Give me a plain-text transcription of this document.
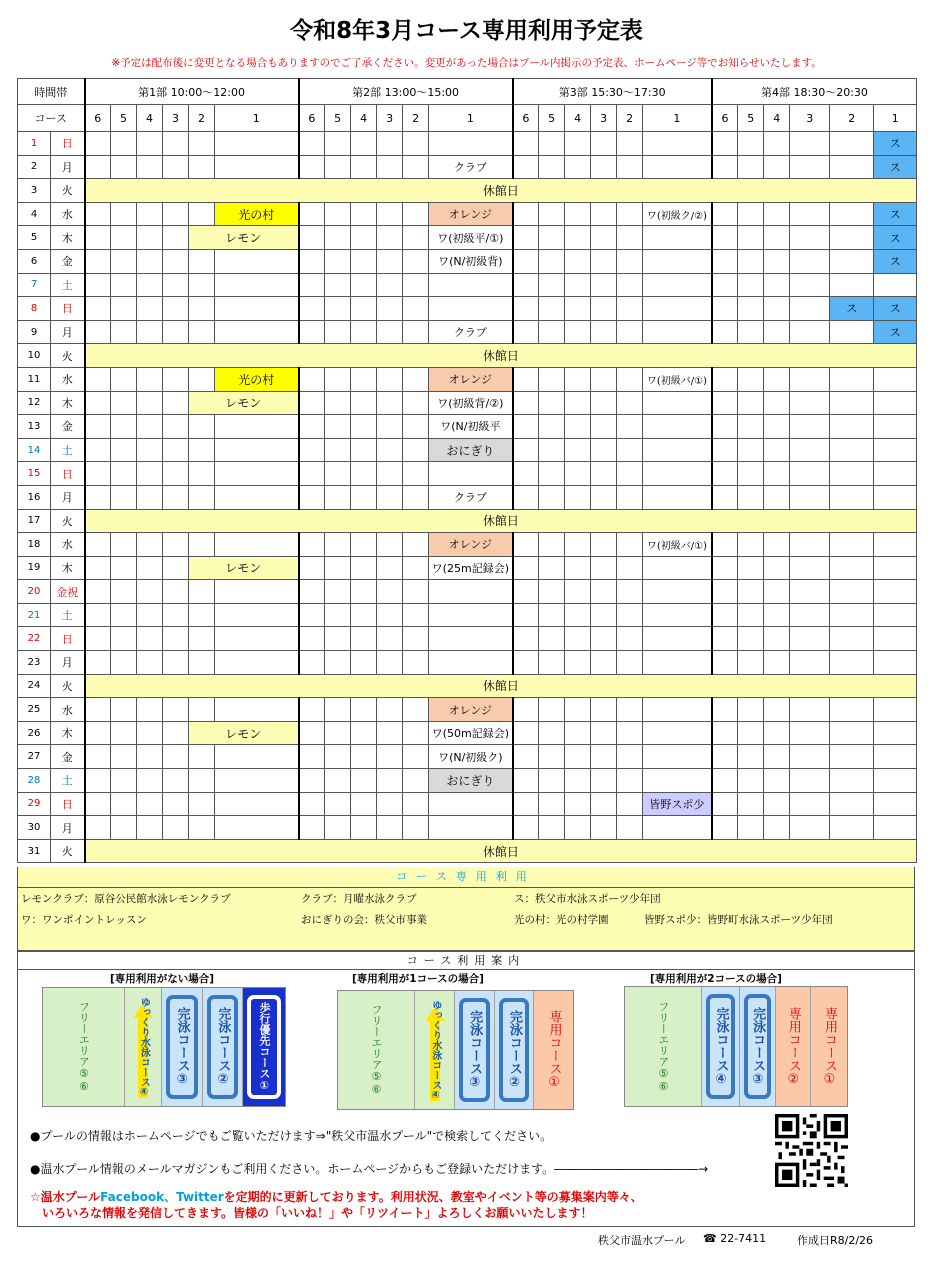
令和8年3月コース専用利用予定表
※予定は配布後に変更となる場合もありますのでご了承ください。変更があった場合はプール内掲示の予定表、ホームページ等でお知らせいたします。
時間帯		第1部 10:00～12:00						第2部 13:00～15:00						第3部 15:30～17:30						第4部 18:30～20:30					
コース		6	5	4	3	2	1	6	5	4	3	2	1	6	5	4	3	2	1	6	5	4	3	2	1
1	日																								ス
2	月												クラブ												ス
3	火	休館日																							
4	水						光の村						オレンジ						ワ(初級ク/②)						ス
5	木					レモン							ワ(初級平/①)												ス
6	金												ワ(N/初級背)												ス
7	土																								
8	日																							ス	ス
9	月												クラブ												ス
10	火	休館日																							
11	水						光の村						オレンジ						ワ(初級バ/①)						
12	木					レモン							ワ(初級背/②)												
13	金												ワ(N/初級平												
14	土												おにぎり												
15	日																								
16	月												クラブ												
17	火	休館日																							
18	水												オレンジ						ワ(初級バ/①)						
19	木					レモン							ワ(25m記録会)												
20	金祝																								
21	土																								
22	日																								
23	月																								
24	火	休館日																							
25	水												オレンジ												
26	木					レモン							ワ(50m記録会)												
27	金												ワ(N/初級ク)												
28	土												おにぎり												
29	日																		皆野スポ少						
30	月																								
31	火	休館日																							
コース専用利用
レモンクラブ：原谷公民館水泳レモンクラブ	クラブ：月曜水泳クラブ	ス：秩父市水泳スポーツ少年団
ワ：ワンポイントレッスン	おにぎりの会：秩父市事業	光の村：光の村学園	皆野スポ少：皆野町水泳スポーツ少年団
コース利用案内
[専用利用がない場合]
フリーエリア⑤⑥	ゆっくり水泳コース④ 完泳コース③ 完泳コース②	歩行優先コース①
[専用利用が1コースの場合]
フリーエリア⑤⑥	ゆっくり水泳コース④ 完泳コース③ 完泳コース② 専用コース①
[専用利用が2コースの場合]
フリーエリア⑤⑥	完泳コース④ 完泳コース③ 専用コース② 専用コース①
●プールの情報はホームページでもご覧いただけます⇒"秩父市温水プール"で検索してください。
●温水プール情報のメールマガジンもご利用ください。ホームページからもご登録いただけます。――――――――――――→
☆温水プールFacebook、Twitterを定期的に更新しております。利用状況、教室やイベント等の募集案内等々、
いろいろな情報を発信してきます。皆様の「いいね！」や「リツイート」よろしくお願いいたします！
秩父市温水プール ☎ 22-7411	作成日R8/2/26
